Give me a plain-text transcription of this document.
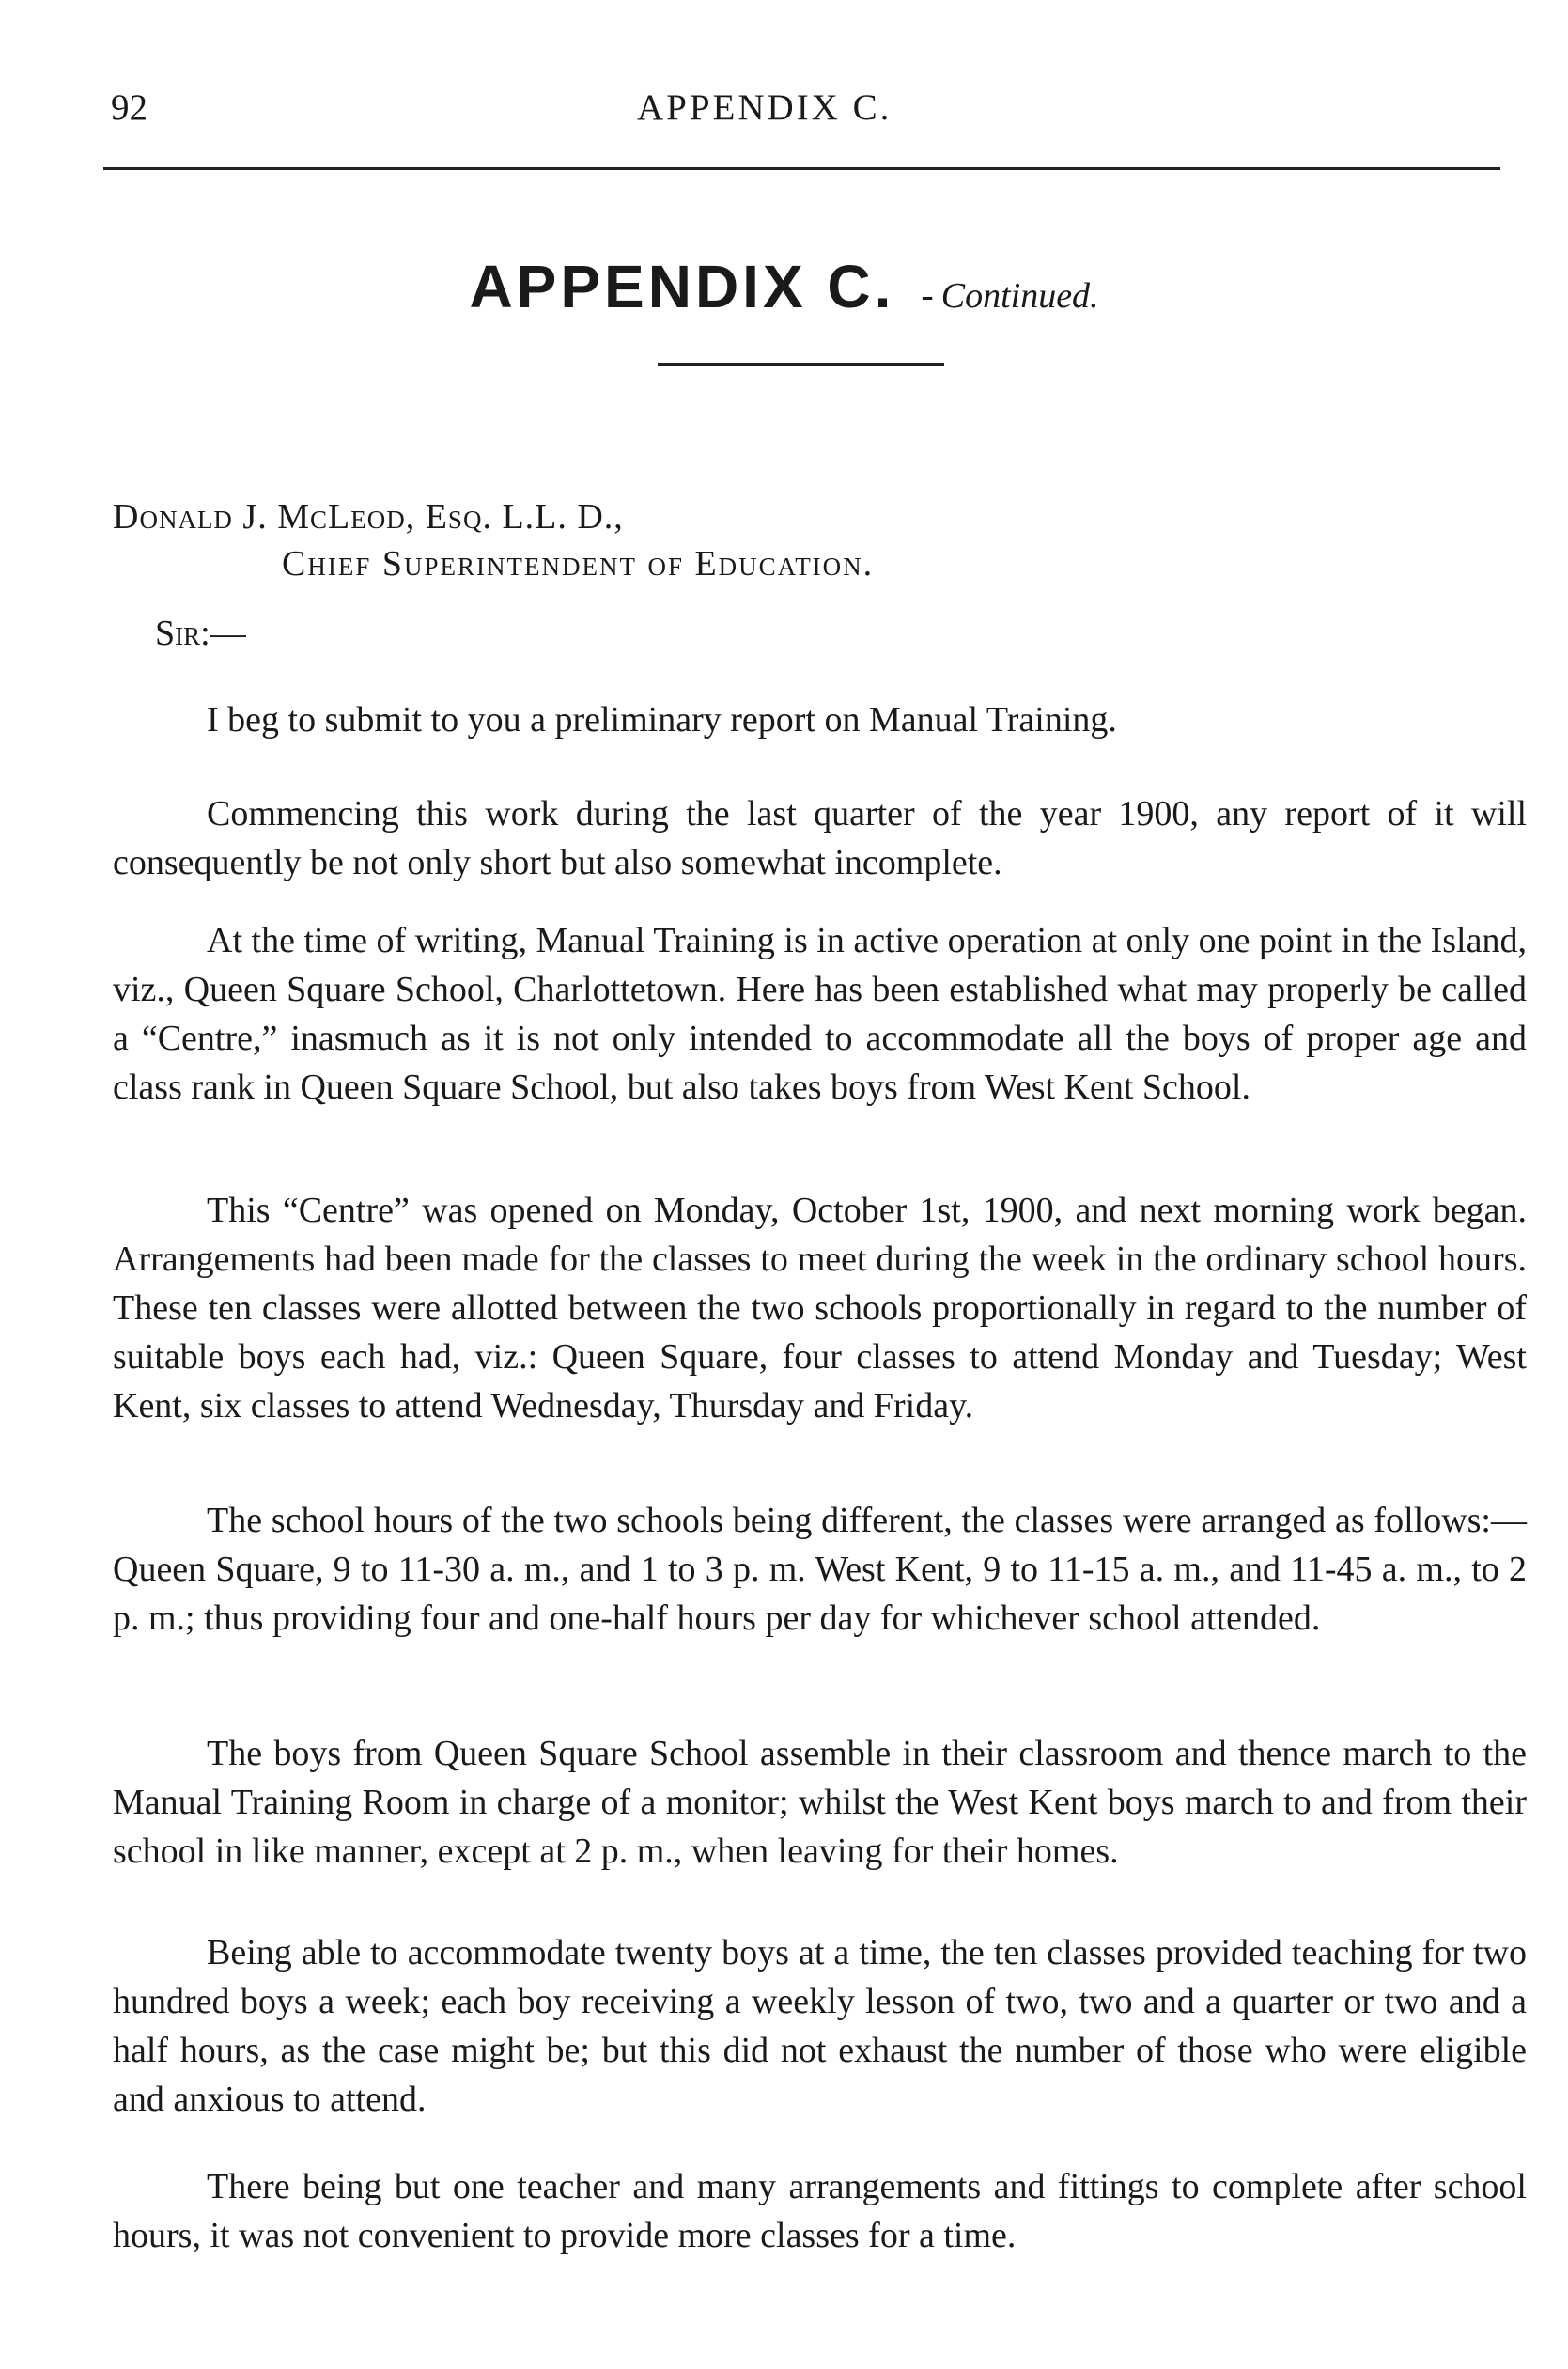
92	APPENDIX C.
APPENDIX C. - Continued.
Donald J. McLeod, Esq. L.L. D.,
Chief Superintendent of Education.
Sir:—

I beg to submit to you a preliminary report on Manual Training.

Commencing this work during the last quarter of the year 1900, any report of it will consequently be not only short but also somewhat incomplete.

At the time of writing, Manual Training is in active operation at only one point in the Island, viz., Queen Square School, Charlottetown. Here has been established what may properly be called a “Centre,” inasmuch as it is not only intended to accommodate all the boys of proper age and class rank in Queen Square School, but also takes boys from West Kent School.

This “Centre” was opened on Monday, October 1st, 1900, and next morning work began. Arrangements had been made for the classes to meet during the week in the ordinary school hours. These ten classes were allotted between the two schools proportionally in regard to the number of suitable boys each had, viz.: Queen Square, four classes to attend Monday and Tuesday; West Kent, six classes to attend Wednesday, Thursday and Friday.

The school hours of the two schools being different, the classes were arranged as follows:—Queen Square, 9 to 11-30 a. m., and 1 to 3 p. m. West Kent, 9 to 11-15 a. m., and 11-45 a. m., to 2 p. m.; thus providing four and one-half hours per day for whichever school attended.

The boys from Queen Square School assemble in their classroom and thence march to the Manual Training Room in charge of a monitor; whilst the West Kent boys march to and from their school in like manner, except at 2 p. m., when leaving for their homes.

Being able to accommodate twenty boys at a time, the ten classes provided teaching for two hundred boys a week; each boy receiving a weekly lesson of two, two and a quarter or two and a half hours, as the case might be; but this did not exhaust the number of those who were eligible and anxious to attend.

There being but one teacher and many arrangements and fittings to complete after school hours, it was not convenient to provide more classes for a time.
